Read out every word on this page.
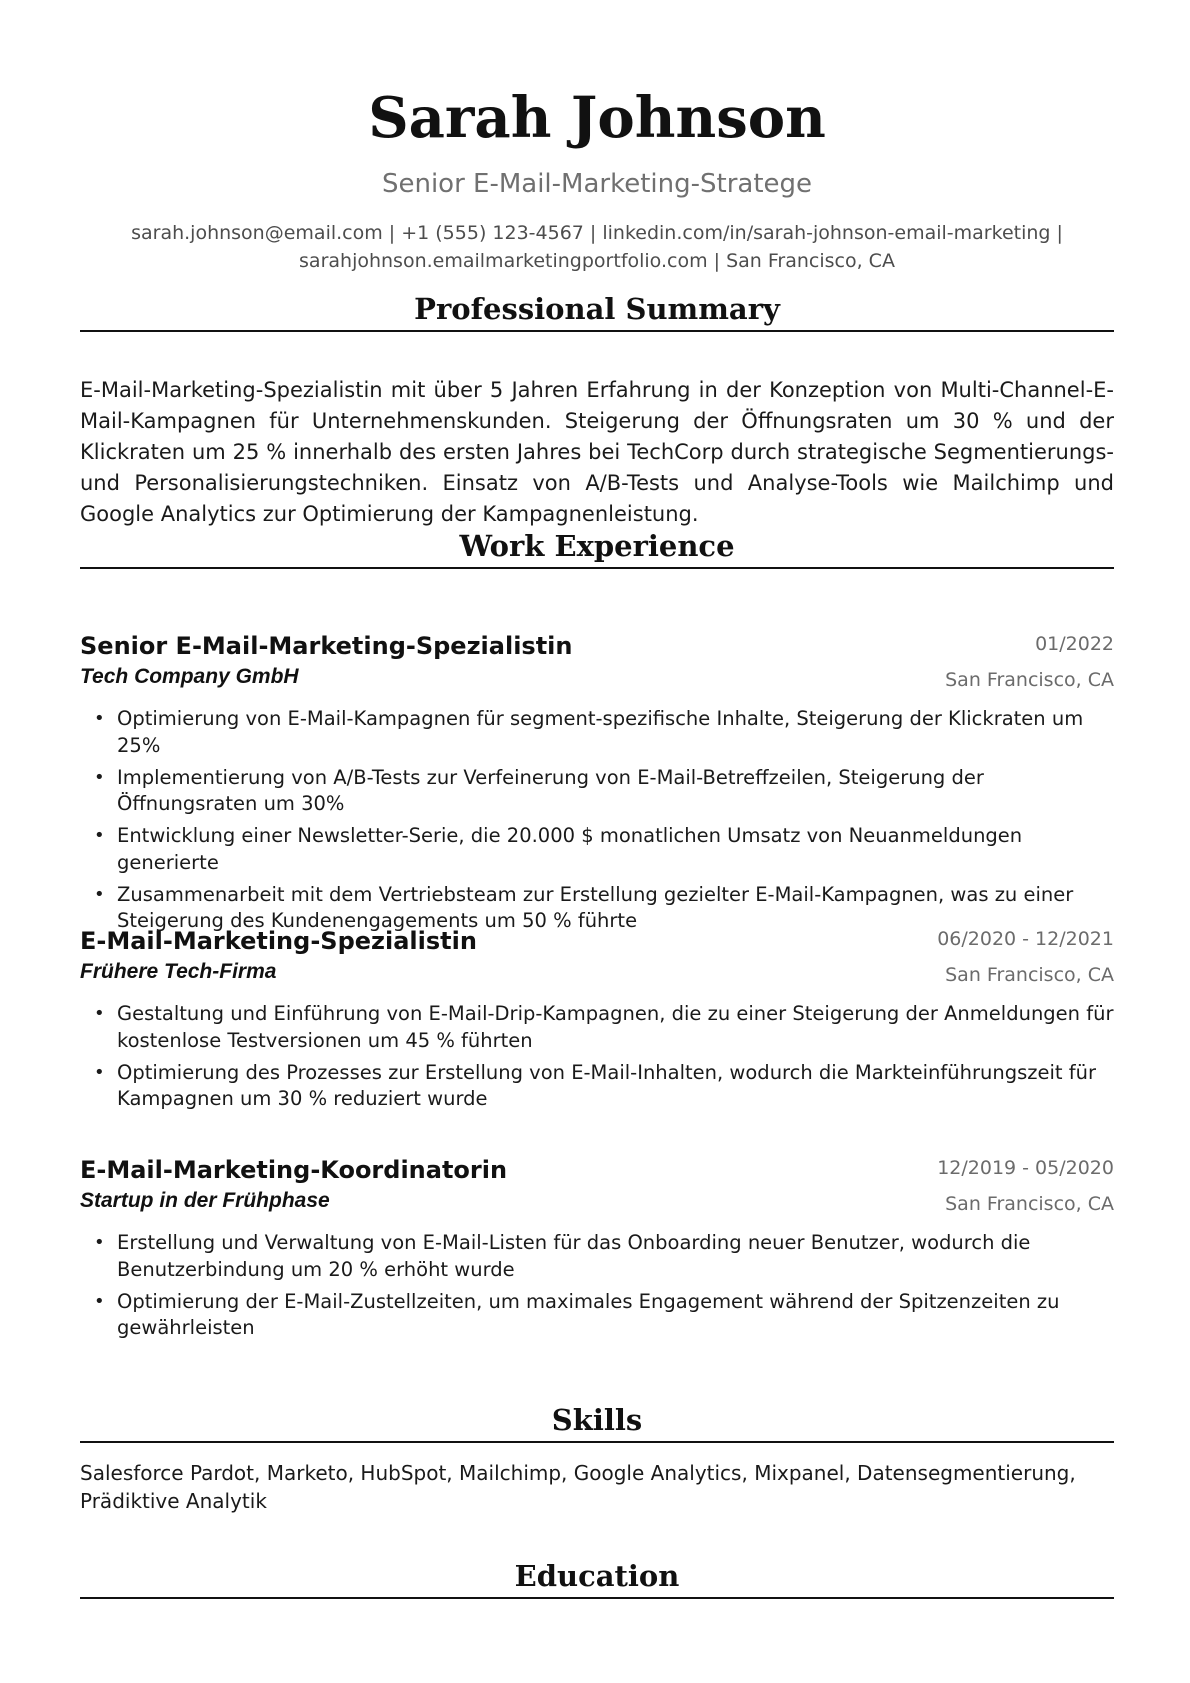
Sarah Johnson
Senior E-Mail-Marketing-Stratege
sarah.johnson@email.com | +1 (555) 123-4567 | linkedin.com/in/sarah-johnson-email-marketing |
sarahjohnson.emailmarketingportfolio.com | San Francisco, CA
Professional Summary
E-Mail-Marketing-Spezialistin mit über 5 Jahren Erfahrung in der Konzeption von Multi-Channel-E-Mail-Kampagnen für Unternehmenskunden. Steigerung der Öffnungsraten um 30 % und der Klickraten um 25 % innerhalb des ersten Jahres bei TechCorp durch strategische Segmentierungs- und Personalisierungstechniken. Einsatz von A/B-Tests und Analyse-Tools wie Mailchimp und Google Analytics zur Optimierung der Kampagnenleistung.
Work Experience
Senior E-Mail-Marketing-Spezialistin	01/2022
Tech Company GmbH	San Francisco, CA
• Optimierung von E-Mail-Kampagnen für segment-spezifische Inhalte, Steigerung der Klickraten um 25%
• Implementierung von A/B-Tests zur Verfeinerung von E-Mail-Betreffzeilen, Steigerung der Öffnungsraten um 30%
• Entwicklung einer Newsletter-Serie, die 20.000 $ monatlichen Umsatz von Neuanmeldungen generierte
• Zusammenarbeit mit dem Vertriebsteam zur Erstellung gezielter E-Mail-Kampagnen, was zu einer Steigerung des Kundenengagements um 50 % führte
E-Mail-Marketing-Spezialistin	06/2020 - 12/2021
Frühere Tech-Firma	San Francisco, CA
• Gestaltung und Einführung von E-Mail-Drip-Kampagnen, die zu einer Steigerung der Anmeldungen für kostenlose Testversionen um 45 % führten
• Optimierung des Prozesses zur Erstellung von E-Mail-Inhalten, wodurch die Markteinführungszeit für Kampagnen um 30 % reduziert wurde
E-Mail-Marketing-Koordinatorin	12/2019 - 05/2020
Startup in der Frühphase	San Francisco, CA
• Erstellung und Verwaltung von E-Mail-Listen für das Onboarding neuer Benutzer, wodurch die Benutzerbindung um 20 % erhöht wurde
• Optimierung der E-Mail-Zustellzeiten, um maximales Engagement während der Spitzenzeiten zu gewährleisten
Skills
Salesforce Pardot, Marketo, HubSpot, Mailchimp, Google Analytics, Mixpanel, Datensegmentierung, Prädiktive Analytik
Education
